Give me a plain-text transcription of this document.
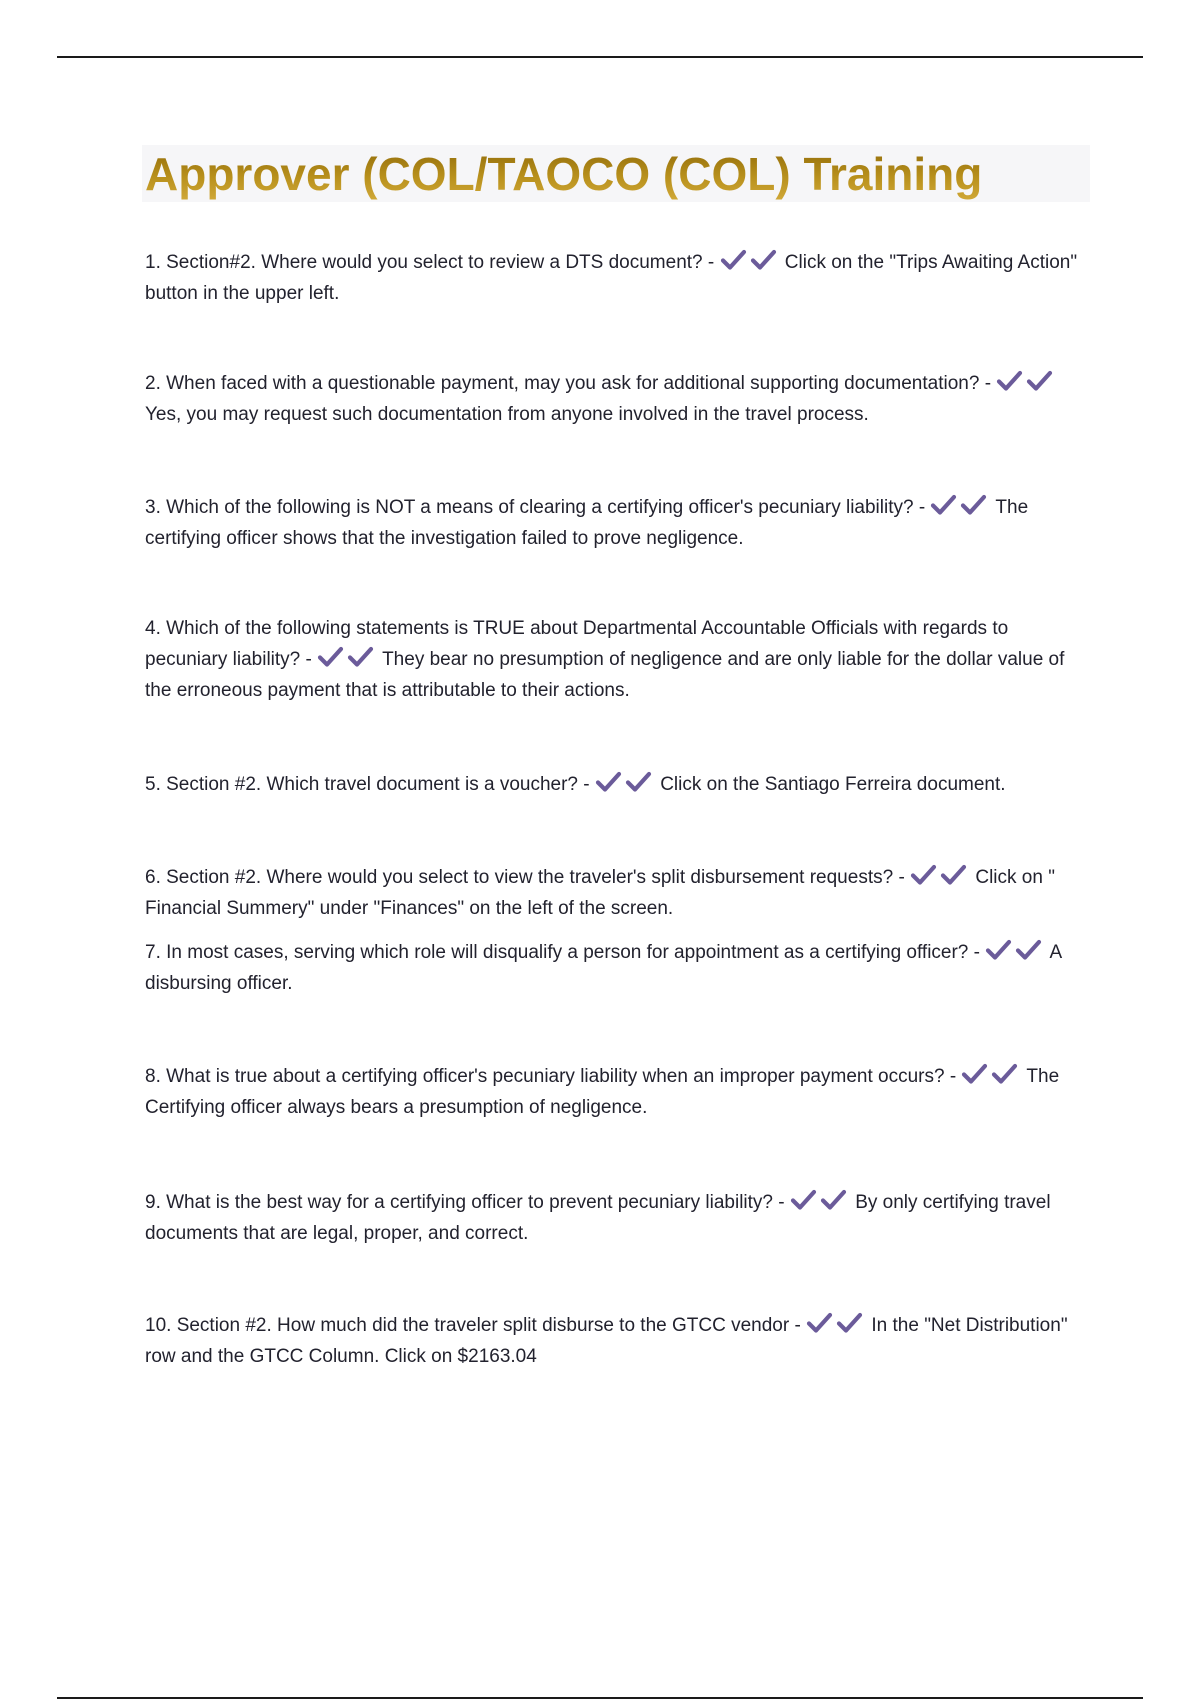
Approver (COL/TAOCO (COL) Training
1. Section#2. Where would you select to review a DTS document? -	Click on the "Trips Awaiting Action" button in the upper left.
2. When faced with a questionable payment, may you ask for additional supporting documentation? -
Yes, you may request such documentation from anyone involved in the travel process.
3. Which of the following is NOT a means of clearing a certifying officer's pecuniary liability? -	The certifying officer shows that the investigation failed to prove negligence.
4. Which of the following statements is TRUE about Departmental Accountable Officials with regards to pecuniary liability? -	They bear no presumption of negligence and are only liable for the dollar value of the erroneous payment that is attributable to their actions.
5. Section #2. Which travel document is a voucher? -	Click on the Santiago Ferreira document.
6. Section #2. Where would you select to view the traveler's split disbursement requests? -	Click on " Financial Summery" under "Finances" on the left of the screen.
7. In most cases, serving which role will disqualify a person for appointment as a certifying officer? -	A disbursing officer.
8. What is true about a certifying officer's pecuniary liability when an improper payment occurs? -	The Certifying officer always bears a presumption of negligence.
9. What is the best way for a certifying officer to prevent pecuniary liability? -	By only certifying travel documents that are legal, proper, and correct.
10. Section #2. How much did the traveler split disburse to the GTCC vendor -	In the "Net Distribution" row and the GTCC Column. Click on $2163.04
